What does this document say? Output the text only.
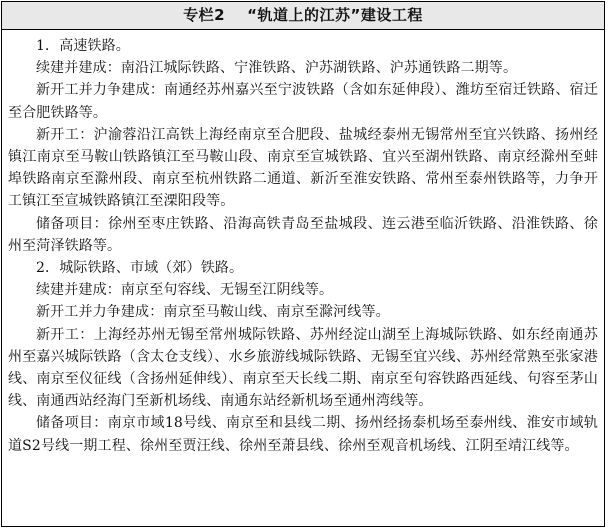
专栏2 “轨道上的江苏”建设工程

1．高速铁路。

续建并建成：南沿江城际铁路、宁淮铁路、沪苏湖铁路、沪苏通铁路二期等。

新开工并力争建成：南通经苏州嘉兴至宁波铁路（含如东延伸段）、潍坊至宿迁铁路、宿迁至合肥铁路等。

新开工：沪渝蓉沿江高铁上海经南京至合肥段、盐城经泰州无锡常州至宜兴铁路、扬州经镇江南京至马鞍山铁路镇江至马鞍山段、南京至宣城铁路、宜兴至湖州铁路、南京经滁州至蚌埠铁路南京至滁州段、南京至杭州铁路二通道、新沂至淮安铁路、常州至泰州铁路等，力争开工镇江至宣城铁路镇江至溧阳段等。

储备项目：徐州至枣庄铁路、沿海高铁青岛至盐城段、连云港至临沂铁路、沿淮铁路、徐州至菏泽铁路等。

2．城际铁路、市域（郊）铁路。

续建并建成：南京至句容线、无锡至江阴线等。

新开工并力争建成：南京至马鞍山线、南京至滁河线等。

新开工：上海经苏州无锡至常州城际铁路、苏州经淀山湖至上海城际铁路、如东经南通苏州至嘉兴城际铁路（含太仓支线）、水乡旅游线城际铁路、无锡至宜兴线、苏州经常熟至张家港线、南京至仪征线（含扬州延伸线）、南京至天长线二期、南京至句容铁路西延线、句容至茅山线、南通西站经海门至新机场线、南通东站经新机场至通州湾线等。

储备项目：南京市域18号线、南京至和县线二期、扬州经扬泰机场至泰州线、淮安市域轨道S2号线一期工程、徐州至贾汪线、徐州至萧县线、徐州至观音机场线、江阴至靖江线等。
